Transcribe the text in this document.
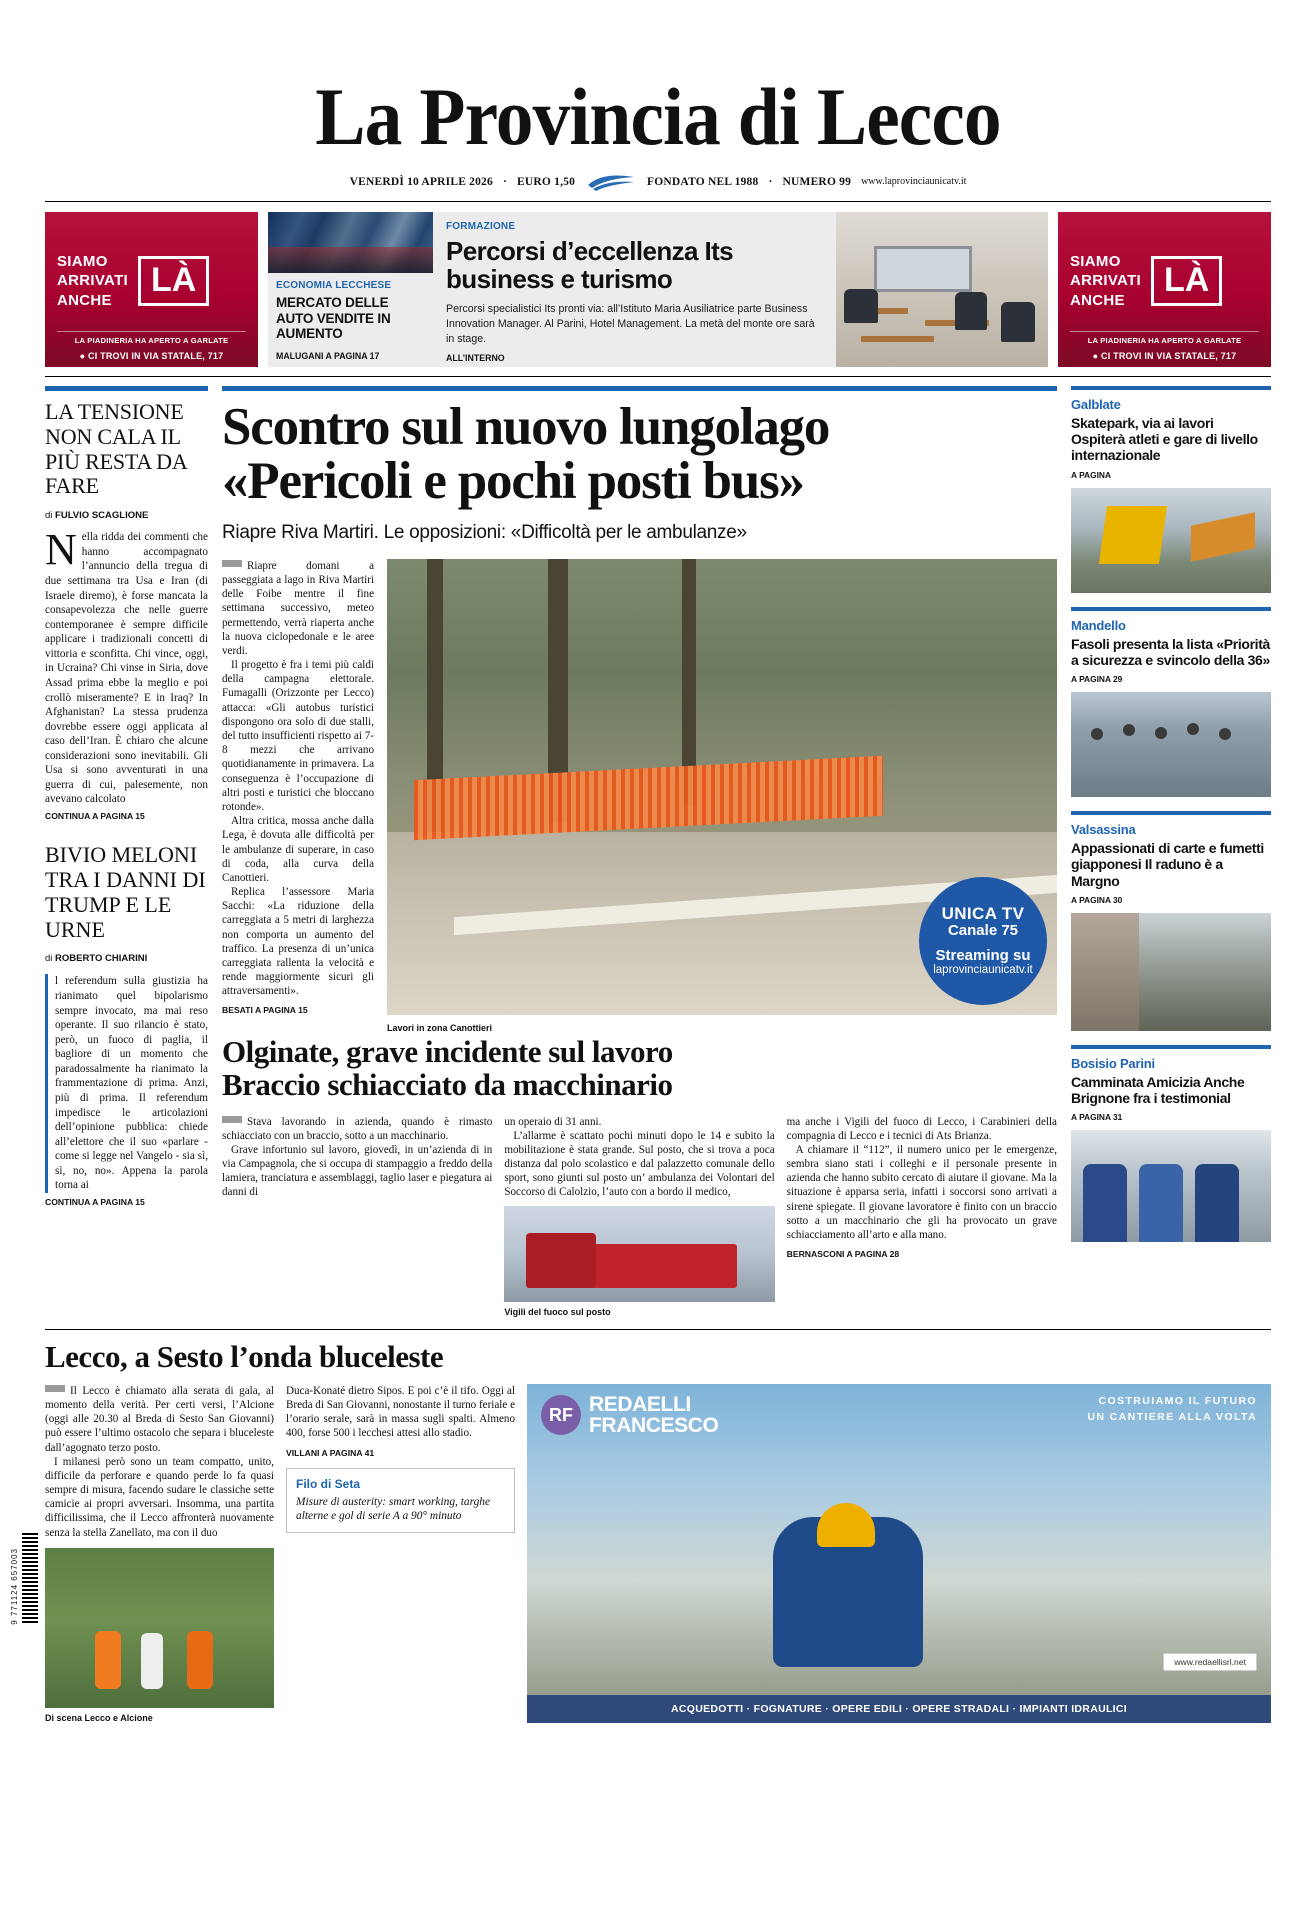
La Provincia di Lecco
VENERDÌ 10 APRILE 2026 · EURO 1,50	FONDATO NEL 1988 · NUMERO 99 www.laprovinciaunicatv.it
SIAMO
ARRIVATI
ANCHE
LÀ
LA PIADINERIA HA APERTO A GARLATE
● CI TROVI IN VIA STATALE, 717
ECONOMIA LECCHESE
MERCATO DELLE AUTO VENDITE IN AUMENTO
MALUGANI A PAGINA 17
FORMAZIONE
Percorsi d’eccellenza Its business e turismo
Percorsi specialistici Its pronti via: all’Istituto Maria Ausiliatrice parte Business Innovation Manager. Al Parini, Hotel Management. La metà del monte ore sarà in stage.
ALL’INTERNO
SIAMO
ARRIVATI
ANCHE
LÀ
LA PIADINERIA HA APERTO A GARLATE
● CI TROVI IN VIA STATALE, 717
LA TENSIONE NON CALA IL PIÙ RESTA DA FARE
di FULVIO SCAGLIONE
Nella ridda dei commenti che hanno accompagnato l’annuncio della tregua di due settimana tra Usa e Iran (di Israele diremo), è forse mancata la consapevolezza che nelle guerre contemporanee è sempre difficile applicare i tradizionali concetti di vittoria e sconfitta. Chi vince, oggi, in Ucraina? Chi vinse in Siria, dove Assad prima ebbe la meglio e poi crollò miseramente? E in Iraq? In Afghanistan? La stessa prudenza dovrebbe essere oggi applicata al caso dell’Iran. È chiaro che alcune considerazioni sono inevitabili. Gli Usa si sono avventurati in una guerra di cui, palesemente, non avevano calcolato
CONTINUA A PAGINA 15
BIVIO MELONI TRA I DANNI DI TRUMP E LE URNE
di ROBERTO CHIARINI
l referendum sulla giustizia ha rianimato quel bipolarismo sempre invocato, ma mai reso operante. Il suo rilancio è stato, però, un fuoco di paglia, il bagliore di un momento che paradossalmente ha rianimato la frammentazione di prima. Anzi, più di prima. Il referendum impedisce le articolazioni dell’opinione pubblica: chiede all’elettore che il suo «parlare - come si legge nel Vangelo - sia sì, sì, no, no». Appena la parola torna ai
CONTINUA A PAGINA 15
Scontro sul nuovo lungolago
«Pericoli e pochi posti bus»
Riapre Riva Martiri. Le opposizioni: «Difficoltà per le ambulanze»

Riapre domani a passeggiata a lago in Riva Martiri delle Foibe mentre il fine settimana successivo, meteo permettendo, verrà riaperta anche la nuova ciclopedonale e le aree verdi.

Il progetto è fra i temi più caldi della campagna elettorale. Fumagalli (Orizzonte per Lecco) attacca: «Gli autobus turistici dispongono ora solo di due stalli, del tutto insufficienti rispetto ai 7-8 mezzi che arrivano quotidianamente in primavera. La conseguenza è l’occupazione di altri posti e turistici che bloccano rotonde».

Altra critica, mossa anche dalla Lega, è dovuta alle difficoltà per le ambulanze di superare, in caso di coda, alla curva della Canottieri.

Replica l’assessore Maria Sacchi: «La riduzione della carreggiata a 5 metri di larghezza non comporta un aumento del traffico. La presenza di un’unica carreggiata rallenta la velocità e rende maggiormente sicuri gli attraversamenti».

BESATI A PAGINA 15
UNICA TV
Canale 75
Streaming su
laprovinciaunicatv.it
Lavori in zona Canottieri
Olginate, grave incidente sul lavoro
Braccio schiacciato da macchinario

Stava lavorando in azienda, quando è rimasto schiacciato con un braccio, sotto a un macchinario.

Grave infortunio sul lavoro, giovedì, in un’azienda di in via Campagnola, che si occupa di stampaggio a freddo della lamiera, tranciatura e assemblaggi, taglio laser e piegatura ai danni di

un operaio di 31 anni.

L’allarme è scattato pochi minuti dopo le 14 e subito la mobilitazione è stata grande. Sul posto, che si trova a poca distanza dal polo scolastico e dal palazzetto comunale dello sport, sono giunti sul posto un’ ambulanza dei Volontari del Soccorso di Calolzio, l’auto con a bordo il medico,

Vigili del fuoco sul posto

ma anche i Vigili del fuoco di Lecco, i Carabinieri della compagnia di Lecco e i tecnici di Ats Brianza.

A chiamare il “112”, il numero unico per le emergenze, sembra siano stati i colleghi e il personale presente in azienda che hanno subito cercato di aiutare il giovane. Ma la situazione è apparsa seria, infatti i soccorsi sono arrivati a sirene spiegate. Il giovane lavoratore è finito con un braccio sotto a un macchinario che gli ha provocato un grave schiacciamento all’arto e alla mano.

BERNASCONI A PAGINA 28
Galblate
Skatepark, via ai lavori Ospiterà atleti e gare di livello internazionale
A PAGINA
Mandello
Fasoli presenta la lista «Priorità a sicurezza e svincolo della 36»
A PAGINA 29
Valsassina
Appassionati di carte e fumetti giapponesi Il raduno è a Margno
A PAGINA 30
Bosisio Parini
Camminata Amicizia Anche Brignone fra i testimonial
A PAGINA 31
Lecco, a Sesto l’onda bluceleste

Il Lecco è chiamato alla serata di gala, al momento della verità. Per certi versi, l’Alcione (oggi alle 20.30 al Breda di Sesto San Giovanni) può essere l’ultimo ostacolo che separa i bluceleste dall’agognato terzo posto.

I milanesi però sono un team compatto, unito, difficile da perforare e quando perde lo fa quasi sempre di misura, facendo sudare le classiche sette camicie ai propri avversari. Insomma, una partita difficilissima, che il Lecco affronterà nuovamente senza la stella Zanellato, ma con il duo

Di scena Lecco e Alcione

Duca-Konaté dietro Sipos. E poi c’è il tifo. Oggi al Breda di San Giovanni, nonostante il turno feriale e l’orario serale, sarà in massa sugli spalti. Almeno 400, forse 500 i lecchesi attesi allo stadio.

VILLANI A PAGINA 41
Filo di Seta
Misure di austerity: smart working, targhe alterne e gol di serie A a 90° minuto
RF REDAELLI
FRANCESCO
COSTRUIAMO IL FUTURO
UN CANTIERE ALLA VOLTA
www.redaellisrl.net
ACQUEDOTTI · FOGNATURE · OPERE EDILI · OPERE STRADALI · IMPIANTI IDRAULICI
9 771124 657003
